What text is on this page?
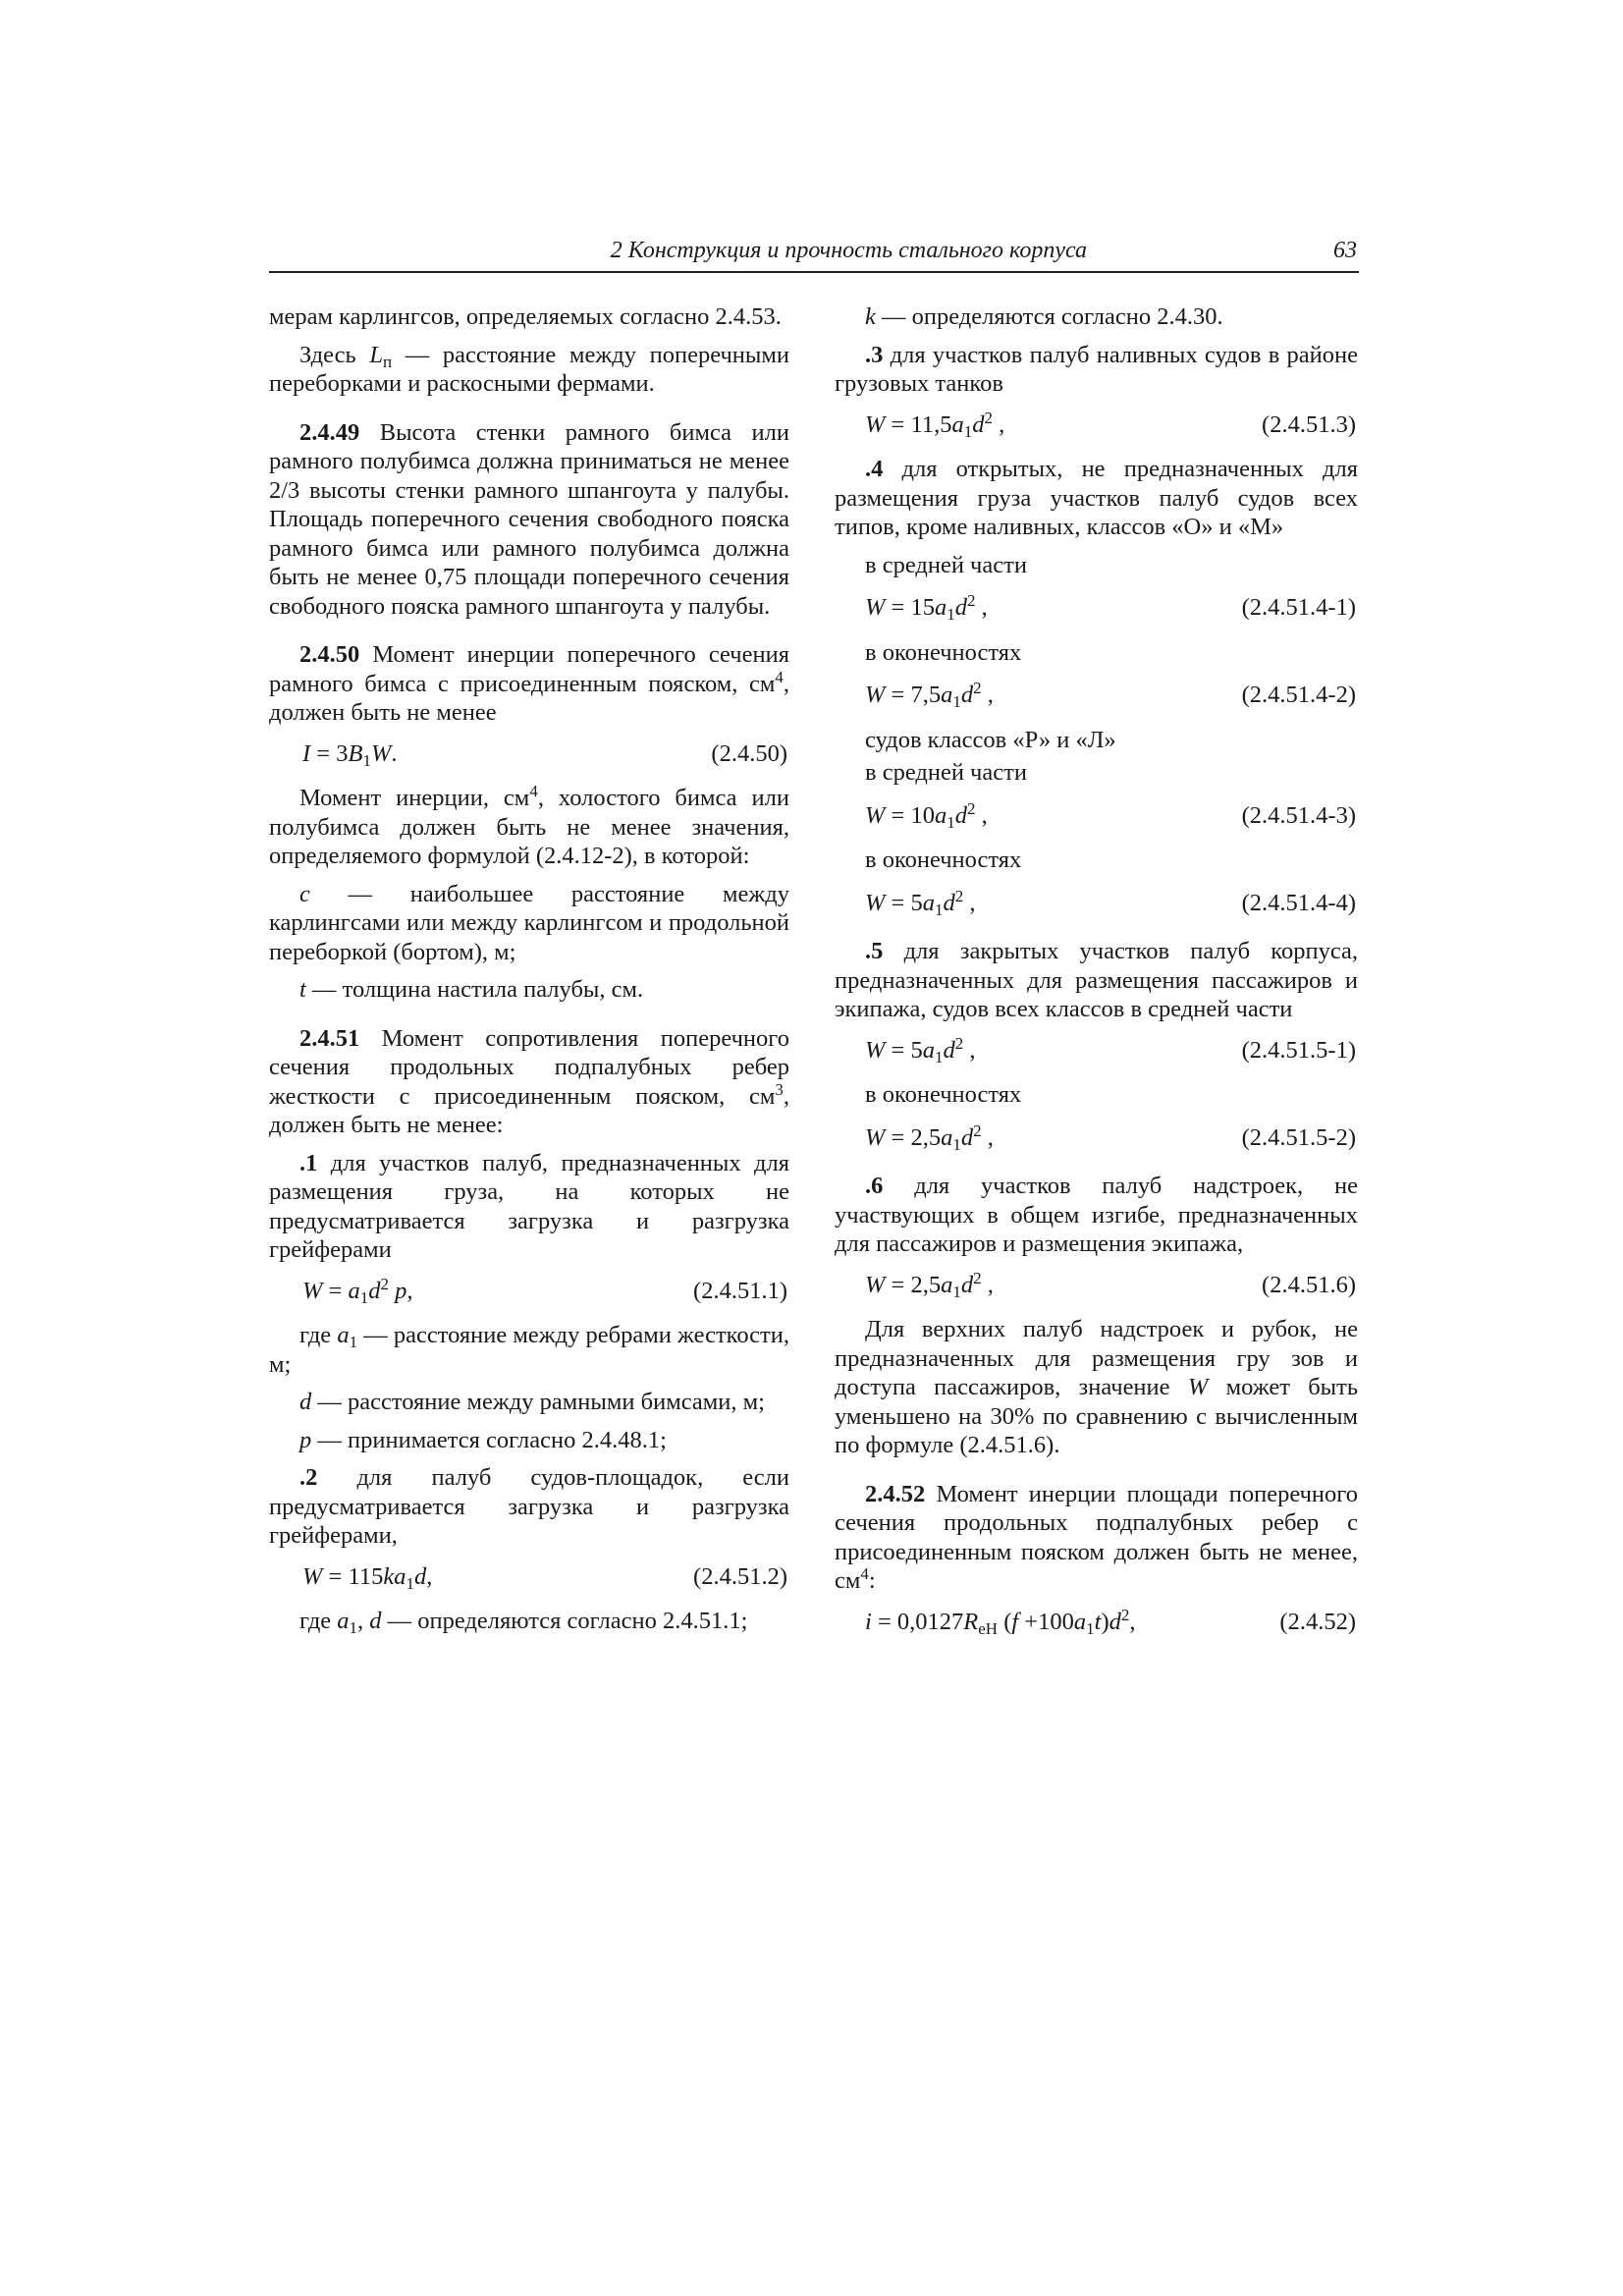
2 Конструкция и прочность стального корпуса	63

мерам карлингсов, определяемых согласно 2.4.53.

Здесь $L_п$ — расстояние между поперечными переборками и раскосными фермами.

2.4.49 Высота стенки рамного бимса или рамного полубимса должна приниматься не менее 2/3 высоты стенки рамного шпангоута у палубы. Площадь поперечного сечения свободного пояска рамного бимса или рамного полубимса должна быть не менее 0,75 площади поперечного сечения свободного пояска рамного шпангоута у палубы.

2.4.50 Момент инерции поперечного сечения рамного бимса с присоединенным пояском, $см^4$, должен быть не менее

$I = 3B_1W$.	(2.4.50)

Момент инерции, $см^4$, холостого бимса или полубимса должен быть не менее значения, определяемого формулой (2.4.12-2), в которой:

c — наибольшее расстояние между карлингсами или между карлингсом и продольной переборкой (бортом), м;

t — толщина настила палубы, см.

2.4.51 Момент сопротивления поперечного сечения продольных подпалубных ребер жесткости с присоединенным пояском, $см^3$, должен быть не менее:

.1 для участков палуб, предназначенных для размещения груза, на которых не предусматривается загрузка и разгрузка грейферами

$W = a_1d^2$ p,	(2.4.51.1)

где $a_1$ — расстояние между ребрами жесткости, м;

d — расстояние между рамными бимсами, м;

p — принимается согласно 2.4.48.1;

.2 для палуб судов-площадок, если предусматривается загрузка и разгрузка грейферами,

$W = 115ka_1d$,	(2.4.51.2)

где $a_1$, d — определяются согласно 2.4.51.1;

k — определяются согласно 2.4.30.

.3 для участков палуб наливных судов в районе грузовых танков

$W = 11,5a_1d^2$ ,	(2.4.51.3)

.4 для открытых, не предназначенных для размещения груза участков палуб судов всех типов, кроме наливных, классов «О» и «М»

в средней части

$W = 15a_1d^2$ ,	(2.4.51.4-1)

в оконечностях

$W = 7,5a_1d^2$ ,	(2.4.51.4-2)

судов классов «Р» и «Л»

в средней части

$W = 10a_1d^2$ ,	(2.4.51.4-3)

в оконечностях

$W = 5a_1d^2$ ,	(2.4.51.4-4)

.5 для закрытых участков палуб корпуса, предназначенных для размещения пассажиров и экипажа, судов всех классов в средней части

$W = 5a_1d^2$ ,	(2.4.51.5-1)

в оконечностях

$W = 2,5a_1d^2$ ,	(2.4.51.5-2)

.6 для участков палуб надстроек, не участвующих в общем изгибе, предназначенных для пассажиров и размещения экипажа,

$W = 2,5a_1d^2$ ,	(2.4.51.6)

Для верхних палуб надстроек и рубок, не предназначенных для размещения гру зов и доступа пассажиров, значение W может быть уменьшено на 30% по сравнению с вычисленным по формуле (2.4.51.6).

2.4.52 Момент инерции площади поперечного сечения продольных подпалубных ребер с присоединенным пояском должен быть не менее, $см^4$:

$i = 0,0127R_{eH}$ $(f +100a_1t)d^2$,	(2.4.52)
